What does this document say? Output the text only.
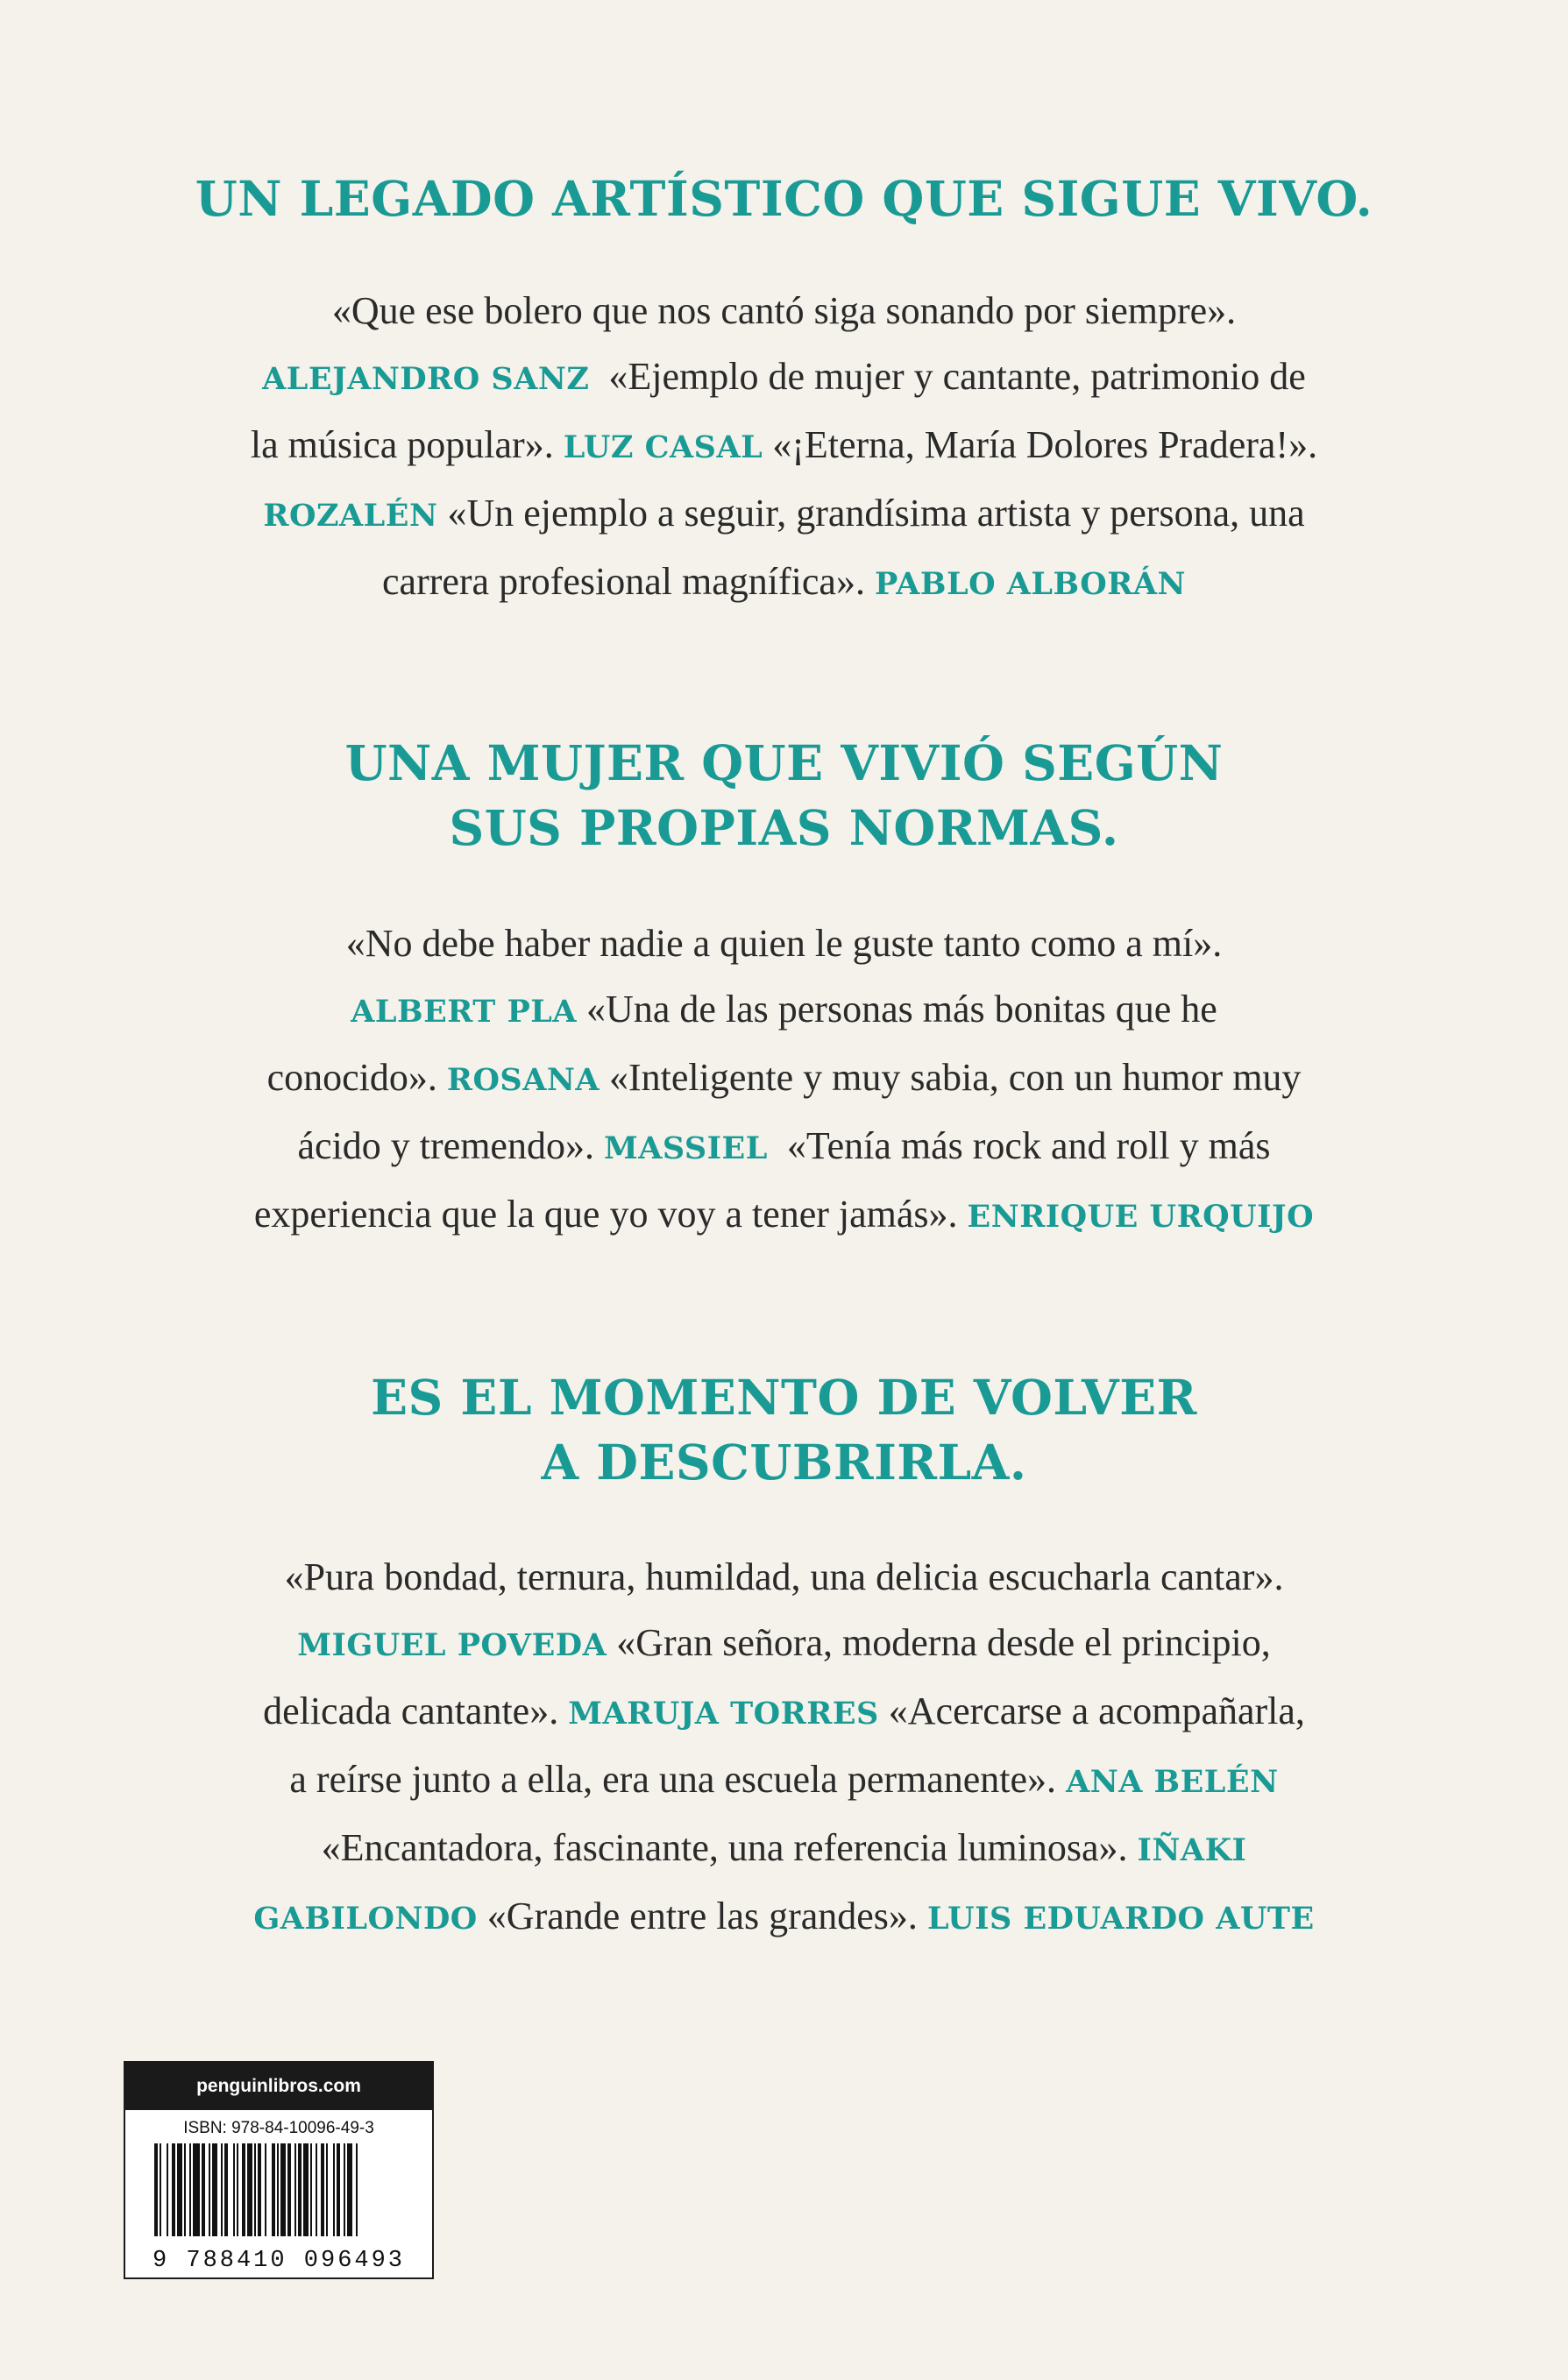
UN LEGADO ARTÍSTICO QUE SIGUE VIVO.

«Que ese bolero que nos cantó siga sonando por siempre».
ALEJANDRO SANZ  «Ejemplo de mujer y cantante, patrimonio de
la música popular». LUZ CASAL «¡Eterna, María Dolores Pradera!».
ROZALÉN «Un ejemplo a seguir, grandísima artista y persona, una
carrera profesional magnífica». PABLO ALBORÁN

UNA MUJER QUE VIVIÓ SEGÚN
SUS PROPIAS NORMAS.

«No debe haber nadie a quien le guste tanto como a mí».
ALBERT PLA «Una de las personas más bonitas que he
conocido». ROSANA «Inteligente y muy sabia, con un humor muy
ácido y tremendo». MASSIEL  «Tenía más rock and roll y más
experiencia que la que yo voy a tener jamás». ENRIQUE URQUIJO

ES EL MOMENTO DE VOLVER
A DESCUBRIRLA.

«Pura bondad, ternura, humildad, una delicia escucharla cantar».
MIGUEL POVEDA «Gran señora, moderna desde el principio,
delicada cantante». MARUJA TORRES «Acercarse a acompañarla,
a reírse junto a ella, era una escuela permanente». ANA BELÉN
«Encantadora, fascinante, una referencia luminosa». IÑAKI
GABILONDO «Grande entre las grandes». LUIS EDUARDO AUTE

penguinlibros.com
ISBN: 978-84-10096-49-3
9 788410 096493
